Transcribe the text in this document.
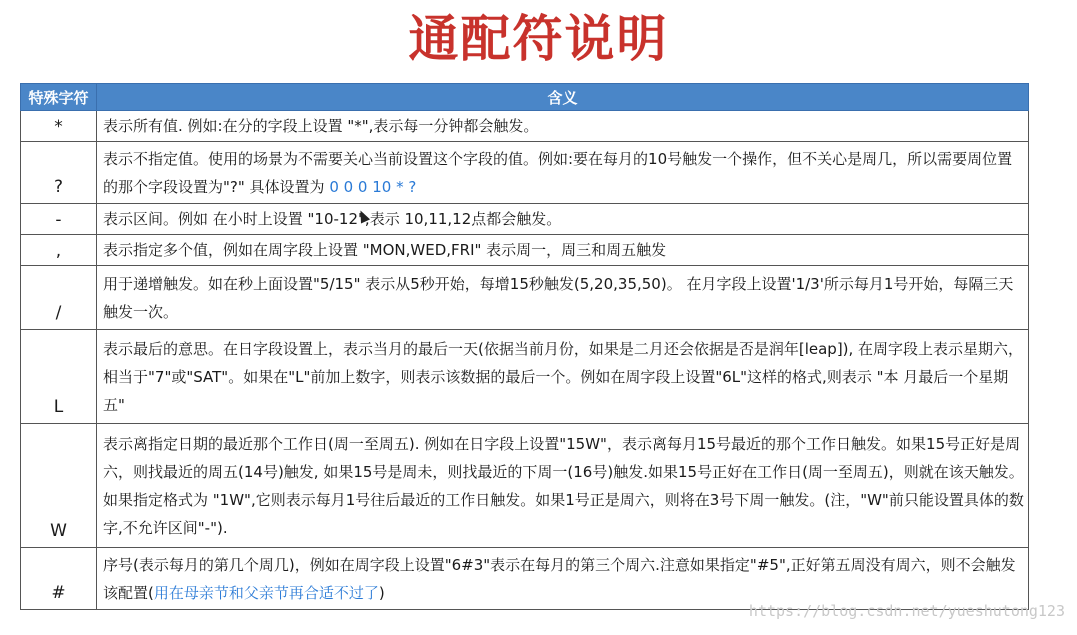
通配符说明
特殊字符	含义
*	表示所有值. 例如:在分的字段上设置 "*",表示每一分钟都会触发。
?	表示不指定值。使用的场景为不需要关心当前设置这个字段的值。例如:要在每月的10号触发一个操作，但不关心是周几，所以需要周位置的那个字段设置为"?" 具体设置为 0 0 0 10 * ?
-	表示区间。例如 在小时上设置 "10-12",表示 10,11,12点都会触发。
,	表示指定多个值，例如在周字段上设置 "MON,WED,FRI" 表示周一，周三和周五触发
/	用于递增触发。如在秒上面设置"5/15" 表示从5秒开始，每增15秒触发(5,20,35,50)。 在月字段上设置'1/3'所示每月1号开始，每隔三天触发一次。
L	表示最后的意思。在日字段设置上，表示当月的最后一天(依据当前月份，如果是二月还会依据是否是润年[leap]), 在周字段上表示星期六，相当于"7"或"SAT"。如果在"L"前加上数字，则表示该数据的最后一个。例如在周字段上设置"6L"这样的格式,则表示 "本 月最后一个星期五"
W	表示离指定日期的最近那个工作日(周一至周五). 例如在日字段上设置"15W"，表示离每月15号最近的那个工作日触发。如果15号正好是周六，则找最近的周五(14号)触发, 如果15号是周未，则找最近的下周一(16号)触发.如果15号正好在工作日(周一至周五)，则就在该天触发。如果指定格式为 "1W",它则表示每月1号往后最近的工作日触发。如果1号正是周六，则将在3号下周一触发。(注，"W"前只能设置具体的数字,不允许区间"-").
#	序号(表示每月的第几个周几)，例如在周字段上设置"6#3"表示在每月的第三个周六.注意如果指定"#5",正好第五周没有周六，则不会触发该配置(用在母亲节和父亲节再合适不过了)
https://blog.csdn.net/yueshutong123
